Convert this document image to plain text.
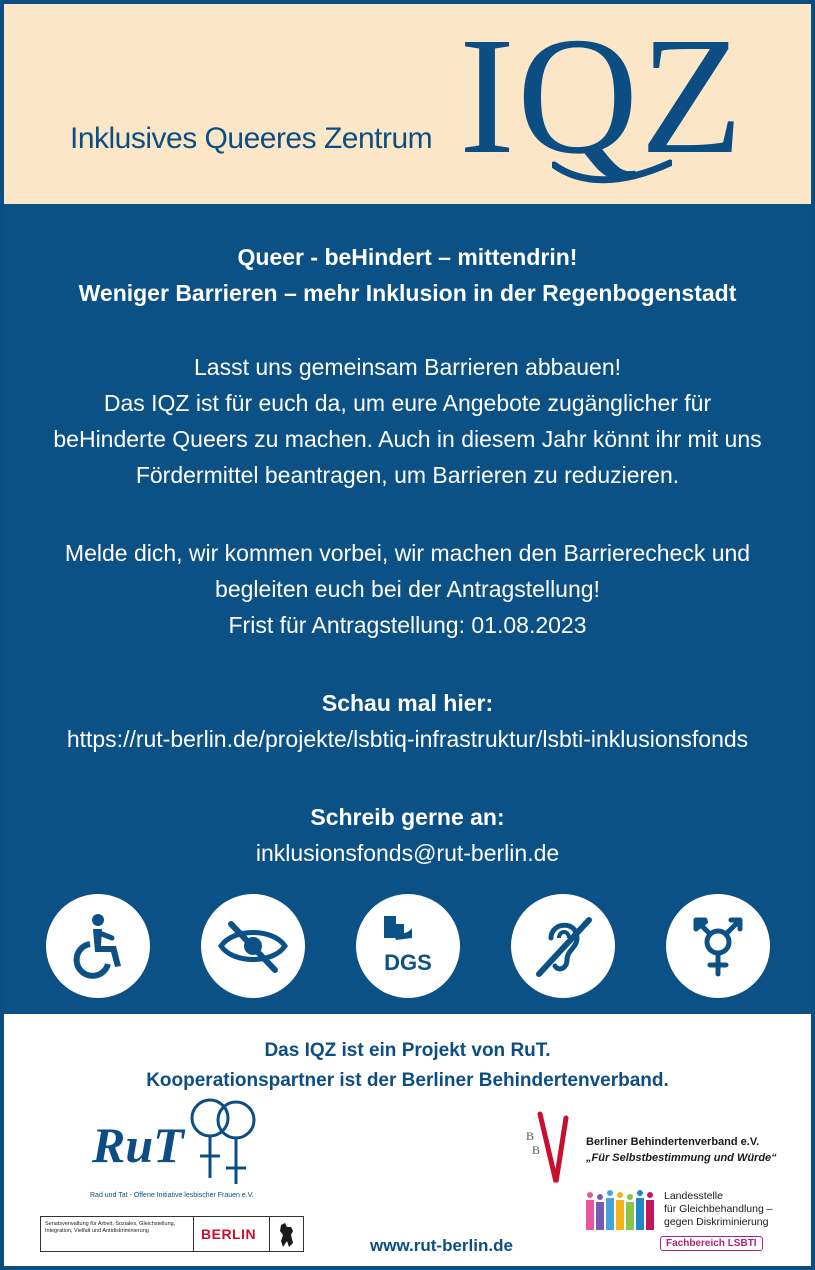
Inklusives Queeres Zentrum IQZ
Queer - beHindert – mittendrin!
Weniger Barrieren – mehr Inklusion in der Regenbogenstadt
Lasst uns gemeinsam Barrieren abbauen!
Das IQZ ist für euch da, um eure Angebote zugänglicher für
beHinderte Queers zu machen. Auch in diesem Jahr könnt ihr mit uns
Fördermittel beantragen, um Barrieren zu reduzieren.
Melde dich, wir kommen vorbei, wir machen den Barrierecheck und
begleiten euch bei der Antragstellung!
Frist für Antragstellung: 01.08.2023
Schau mal hier:
https://rut-berlin.de/projekte/lsbtiq-infrastruktur/lsbti-inklusionsfonds
Schreib gerne an:
inklusionsfonds@rut-berlin.de
DGS
Das IQZ ist ein Projekt von RuT.
Kooperationspartner ist der Berliner Behindertenverband.
RuT
Rad und Tat - Offene Initiative lesbischer Frauen e.V.
Senatsverwaltung für Arbeit, Soziales, Gleichstellung, Integration, Vielfalt und Antidiskriminierung	BERLIN
www.rut-berlin.de
B
B
Berliner Behindertenverband e.V.
„Für Selbstbestimmung und Würde“
Landesstelle
für Gleichbehandlung –
gegen Diskriminierung
Fachbereich LSBTI
